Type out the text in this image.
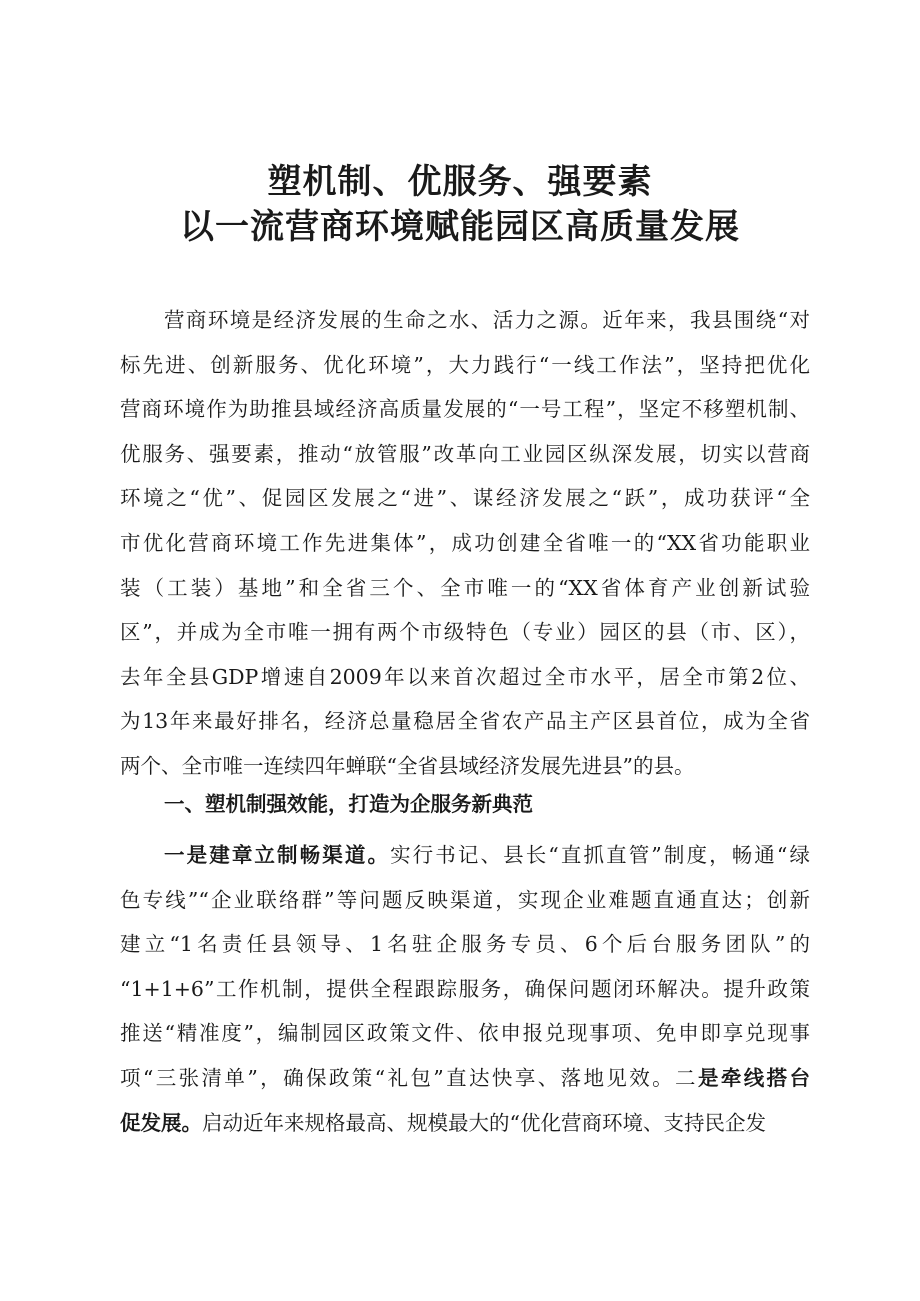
塑机制、优服务、强要素
以一流营商环境赋能园区高质量发展
营商环境是经济发展的生命之水、活力之源。近年来，我县围绕“对
标先进、创新服务、优化环境”，大力践行“一线工作法”，坚持把优化
营商环境作为助推县域经济高质量发展的“一号工程”，坚定不移塑机制、
优服务、强要素，推动“放管服”改革向工业园区纵深发展，切实以营商
环境之“优”、促园区发展之“进”、谋经济发展之“跃”，成功获评“全
市优化营商环境工作先进集体”，成功创建全省唯一的“XX省功能职业
装（工装）基地”和全省三个、全市唯一的“XX省体育产业创新试验
区”，并成为全市唯一拥有两个市级特色（专业）园区的县（市、区），
去年全县GDP增速自2009年以来首次超过全市水平，居全市第2位、
为13年来最好排名，经济总量稳居全省农产品主产区县首位，成为全省
两个、全市唯一连续四年蝉联“全省县域经济发展先进县”的县。
一、塑机制强效能，打造为企服务新典范
一是建章立制畅渠道。实行书记、县长“直抓直管”制度，畅通“绿
色专线”“企业联络群”等问题反映渠道，实现企业难题直通直达；创新
建立“1名责任县领导、1名驻企服务专员、6个后台服务团队”的
“1+1+6”工作机制，提供全程跟踪服务，确保问题闭环解决。提升政策
推送“精准度”，编制园区政策文件、依申报兑现事项、免申即享兑现事
项“三张清单”，确保政策“礼包”直达快享、落地见效。二是牵线搭台
促发展。启动近年来规格最高、规模最大的“优化营商环境、支持民企发
